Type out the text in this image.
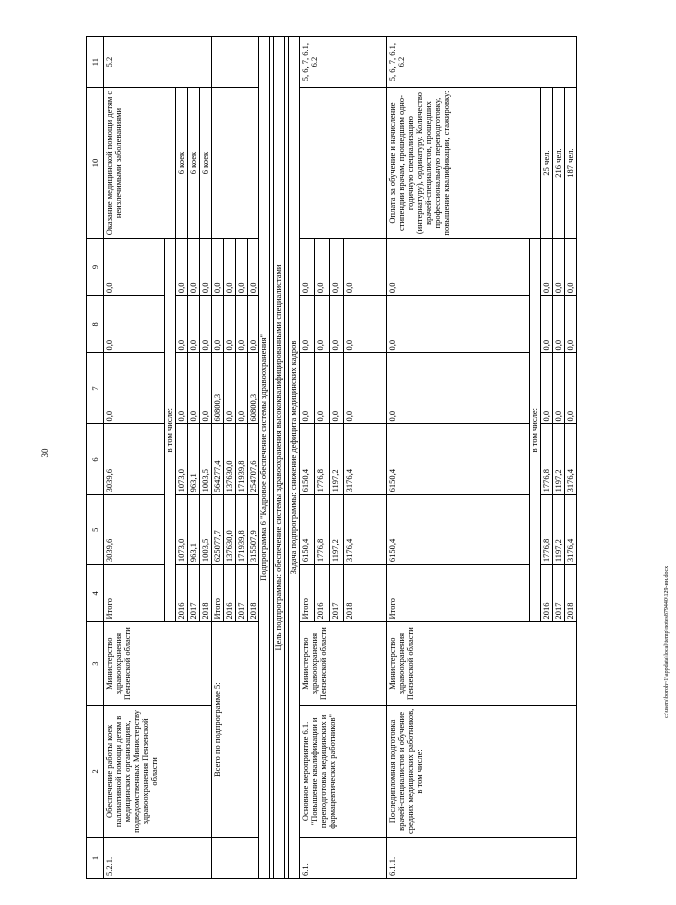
30
c:\users\boroh~1\appdata\local\temp\notes879440\129-ин.docx
1	2	3	4	5	6	7	8	9	10	11
5.2.1.	Обеспечение работы коек паллиативной помощи детям в медицинских организациях, подведомственных Министерству здравоохранения Пензенской области	Министерство здравоохранения Пензенской области	Итого	3039,6	3039,6	0,0	0,0	0,0	Оказание медицинской помощи детям с неизлечимыми заболеваниями	5.2
			в том числе:							
			2016	1073,0	1073,0	0,0	0,0	0,0	6 коек	
			2017	963,1	963,1	0,0	0,0	0,0	6 коек	
			2018	1003,5	1003,5	0,0	0,0	0,0	6 коек	
	Всего по подпрограмме 5:		Итого	625077,7	564277,4	60800,3	0,0	0,0		
			2016	137630,0	137630,0	0,0	0,0	0,0		
			2017	171939,8	171939,8	0,0	0,0	0,0		
			2018	315507,9	254707,6	60800,3	0,0	0,0		
Подпрограмма 6 "Кадровое обеспечение системы здравоохранения"										

Цель подпрограммы: обеспечение системы здравоохранения высококвалифицированными специалистами										

Задача подпрограммы: снижение дефицита медицинских кадров										
6.1.	Основное мероприятие 6.1. "Повышение квалификации и переподготовка медицинских и фармацевтических работников"	Министерство здравоохранения Пензенской области	Итого	6150,4	6150,4	0,0	0,0	0,0		5, 6, 7, 6.1, 6.2
			2016	1776,8	1776,8	0,0	0,0	0,0		
			2017	1197,2	1197,2	0,0	0,0	0,0		
			2018	3176,4	3176,4	0,0	0,0	0,0		
6.1.1.	Последипломная подготовка врачей-специалистов и обучение средних медицинских работников, в том числе:	Министерство здравоохранения Пензенской области	Итого	6150,4	6150,4	0,0	0,0	0,0	Оплата за обучение и начисление стипендии врачам, прошедшим одно-годичную специализацию (интернатуру), ординатуру. Количество врачей-специалистов, прошедших профессиональную переподготовку, повышение квалификации, стажировку:	5, 6, 7, 6.1, 6.2
			в том числе:							
			2016	1776,8	1776,8	0,0	0,0	0,0	25 чел.	
			2017	1197,2	1197,2	0,0	0,0	0,0	216 чел.	
			2018	3176,4	3176,4	0,0	0,0	0,0	187 чел.	
